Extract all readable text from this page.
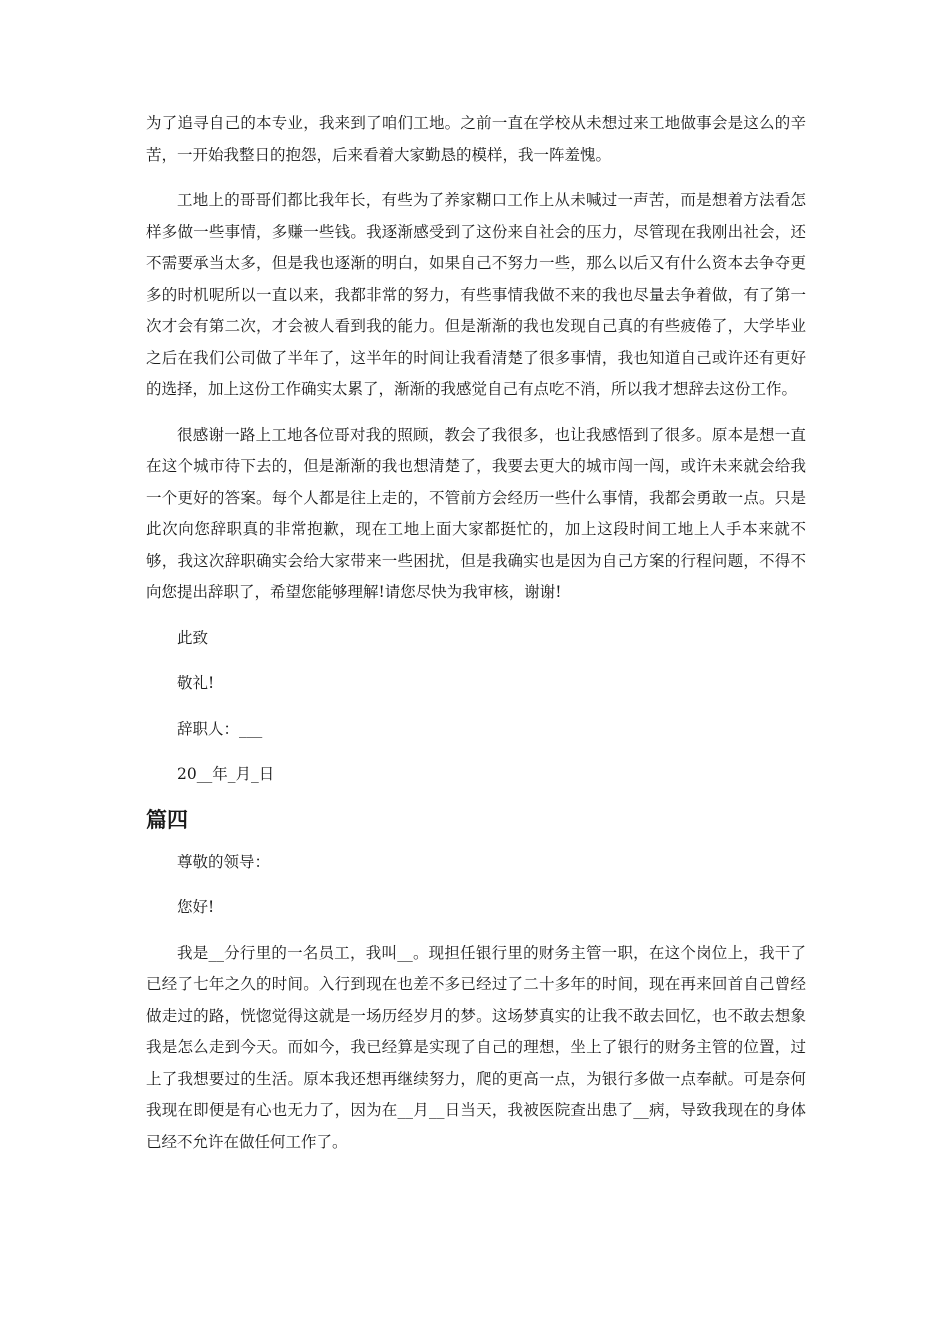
为了追寻自己的本专业，我来到了咱们工地。之前一直在学校从未想过来工地做事会是这么的辛苦，一开始我整日的抱怨，后来看着大家勤恳的模样，我一阵羞愧。

工地上的哥哥们都比我年长，有些为了养家糊口工作上从未喊过一声苦，而是想着方法看怎样多做一些事情，多赚一些钱。我逐渐感受到了这份来自社会的压力，尽管现在我刚出社会，还不需要承当太多，但是我也逐渐的明白，如果自己不努力一些，那么以后又有什么资本去争夺更多的时机呢所以一直以来，我都非常的努力，有些事情我做不来的我也尽量去争着做，有了第一次才会有第二次，才会被人看到我的能力。但是渐渐的我也发现自己真的有些疲倦了，大学毕业之后在我们公司做了半年了，这半年的时间让我看清楚了很多事情，我也知道自己或许还有更好的选择，加上这份工作确实太累了，渐渐的我感觉自己有点吃不消，所以我才想辞去这份工作。

很感谢一路上工地各位哥对我的照顾，教会了我很多，也让我感悟到了很多。原本是想一直在这个城市待下去的，但是渐渐的我也想清楚了，我要去更大的城市闯一闯，或许未来就会给我一个更好的答案。每个人都是往上走的，不管前方会经历一些什么事情，我都会勇敢一点。只是此次向您辞职真的非常抱歉，现在工地上面大家都挺忙的，加上这段时间工地上人手本来就不够，我这次辞职确实会给大家带来一些困扰，但是我确实也是因为自己方案的行程问题，不得不向您提出辞职了，希望您能够理解!请您尽快为我审核，谢谢!

此致

敬礼!

辞职人：___

20__年_月_日

篇四

尊敬的领导：

您好!

我是__分行里的一名员工，我叫__。现担任银行里的财务主管一职，在这个岗位上，我干了已经了七年之久的时间。入行到现在也差不多已经过了二十多年的时间，现在再来回首自己曾经做走过的路，恍惚觉得这就是一场历经岁月的梦。这场梦真实的让我不敢去回忆，也不敢去想象我是怎么走到今天。而如今，我已经算是实现了自己的理想，坐上了银行的财务主管的位置，过上了我想要过的生活。原本我还想再继续努力，爬的更高一点，为银行多做一点奉献。可是奈何我现在即便是有心也无力了，因为在__月__日当天，我被医院查出患了__病，导致我现在的身体已经不允许在做任何工作了。
